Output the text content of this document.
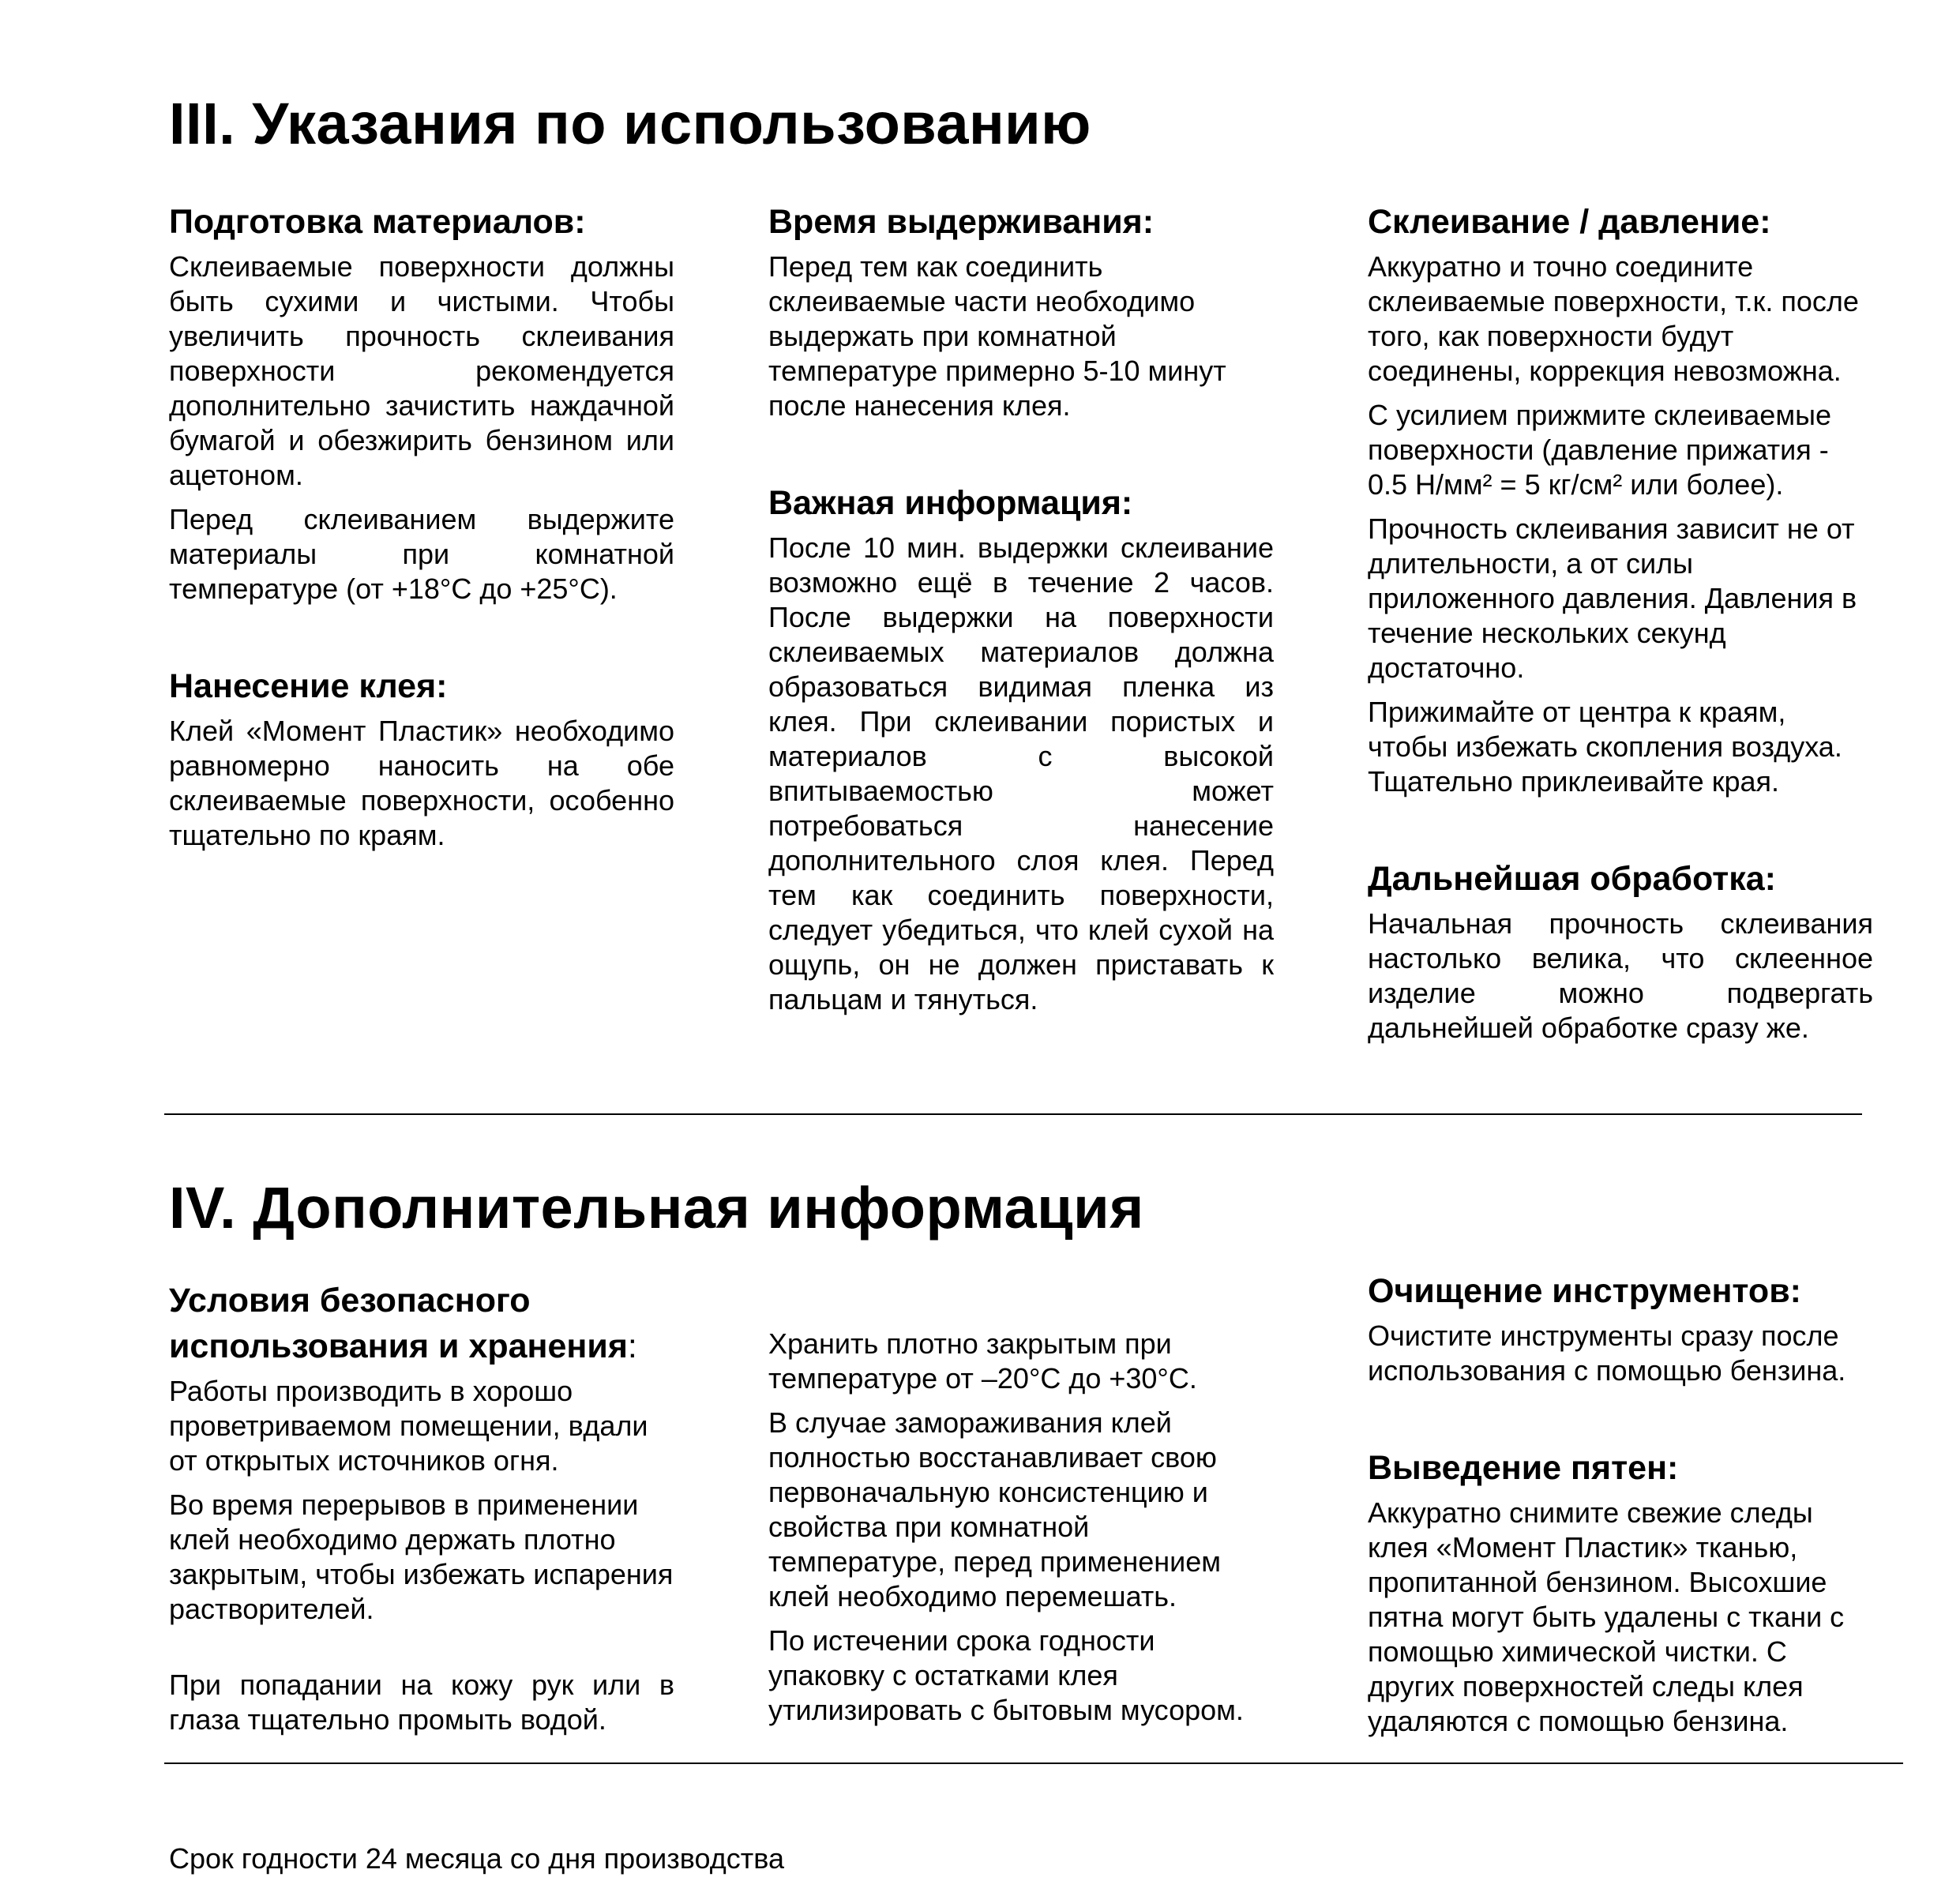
III. Указания по использованию
Подготовка материалов:

Склеиваемые поверхности должны быть сухими и чистыми. Чтобы увеличить прочность склеивания поверхности рекомендуется дополнительно зачистить наждачной бумагой и обезжирить бензином или ацетоном.

Перед склеиванием выдержите материалы при комнатной температуре (от +18°С до +25°С).

Нанесение клея:

Клей «Момент Пластик» необходимо равномерно наносить на обе склеиваемые поверхности, особенно тщательно по краям.

Время выдерживания:

Перед тем как соединить склеиваемые части необходимо выдержать при комнатной температуре примерно 5-10 минут после нанесения клея.

Важная информация:

После 10 мин. выдержки склеивание возможно ещё в течение 2 часов. После выдержки на поверхности склеиваемых материалов должна образоваться видимая пленка из клея. При склеивании пористых и материалов с высокой впитываемостью может потребоваться нанесение дополнительного слоя клея. Перед тем как соединить поверхности, следует убедиться, что клей сухой на ощупь, он не должен приставать к пальцам и тянуться.

Склеивание / давление:

Аккуратно и точно соедините склеиваемые поверхности, т.к. после того, как поверхности будут соединены, коррекция невозможна.

С усилием прижмите склеиваемые поверхности (давление прижатия - 0.5 Н/мм² = 5 кг/см² или более).

Прочность склеивания зависит не от длительности, а от силы приложенного давления. Давления в течение нескольких секунд достаточно.

Прижимайте от центра к краям, чтобы избежать скопления воздуха. Тщательно приклеивайте края.

Дальнейшая обработка:

Начальная прочность склеивания настолько велика, что склеенное изделие можно подвергать дальнейшей обработке сразу же.

IV. Дополнительная информация
Условия безопасного
использования и хранения:

Работы производить в хорошо проветриваемом помещении, вдали от открытых источников огня.

Во время перерывов в применении клей необходимо держать плотно закрытым, чтобы избежать испарения растворителей.

При попадании на кожу рук или в глаза тщательно промыть водой.

Хранить плотно закрытым при температуре от –20°С до +30°С.

В случае замораживания клей полностью восстанавливает свою первоначальную консистенцию и свойства при комнатной температуре, перед применением клей необходимо перемешать.

По истечении срока годности упаковку с остатками клея утилизировать с бытовым мусором.

Очищение инструментов:

Очистите инструменты сразу после использования с помощью бензина.

Выведение пятен:

Аккуратно снимите свежие следы клея «Момент Пластик» тканью, пропитанной бензином. Высохшие пятна могут быть удалены с ткани с помощью химической чистки. С других поверхностей следы клея удаляются с помощью бензина.

Срок годности 24 месяца со дня производства
